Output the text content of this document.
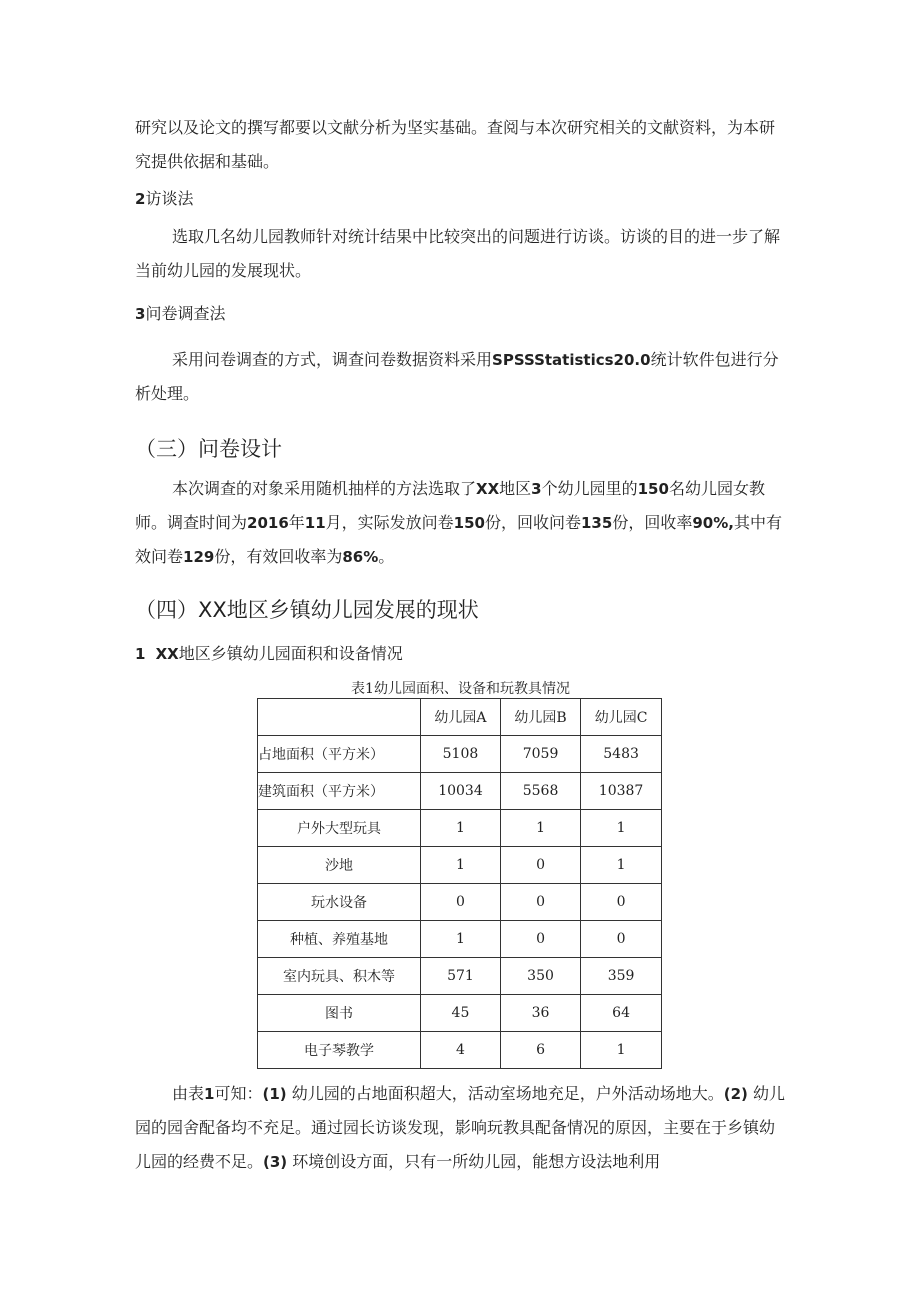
研究以及论文的撰写都要以文献分析为坚实基础。查阅与本次研究相关的文献资料，为本研究提供依据和基础。
2访谈法
选取几名幼儿园教师针对统计结果中比较突出的问题进行访谈。访谈的目的进一步了解当前幼儿园的发展现状。
3问卷调查法
采用问卷调查的方式，调查问卷数据资料采用SPSSStatistics20.0统计软件包进行分析处理。
（三）问卷设计
本次调查的对象采用随机抽样的方法选取了XX地区3个幼儿园里的150名幼儿园女教师。调查时间为2016年11月，实际发放问卷150份，回收问卷135份，回收率90%,其中有效问卷129份，有效回收率为86%。
（四）XX地区乡镇幼儿园发展的现状
1 XX地区乡镇幼儿园面积和设备情况
表1幼儿园面积、设备和玩教具情况
	幼儿园A	幼儿园B	幼儿园C
占地面积（平方米）	5108	7059	5483
建筑面积（平方米）	10034	5568	10387
户外大型玩具	1	1	1
沙地	1	0	1
玩水设备	0	0	0
种植、养殖基地	1	0	0
室内玩具、积木等	571	350	359
图书	45	36	64
电子琴教学	4	6	1
由表1可知：(1) 幼儿园的占地面积超大，活动室场地充足，户外活动场地大。(2) 幼儿园的园舍配备均不充足。通过园长访谈发现，影响玩教具配备情况的原因，主要在于乡镇幼儿园的经费不足。(3) 环境创设方面，只有一所幼儿园，能想方设法地利用
